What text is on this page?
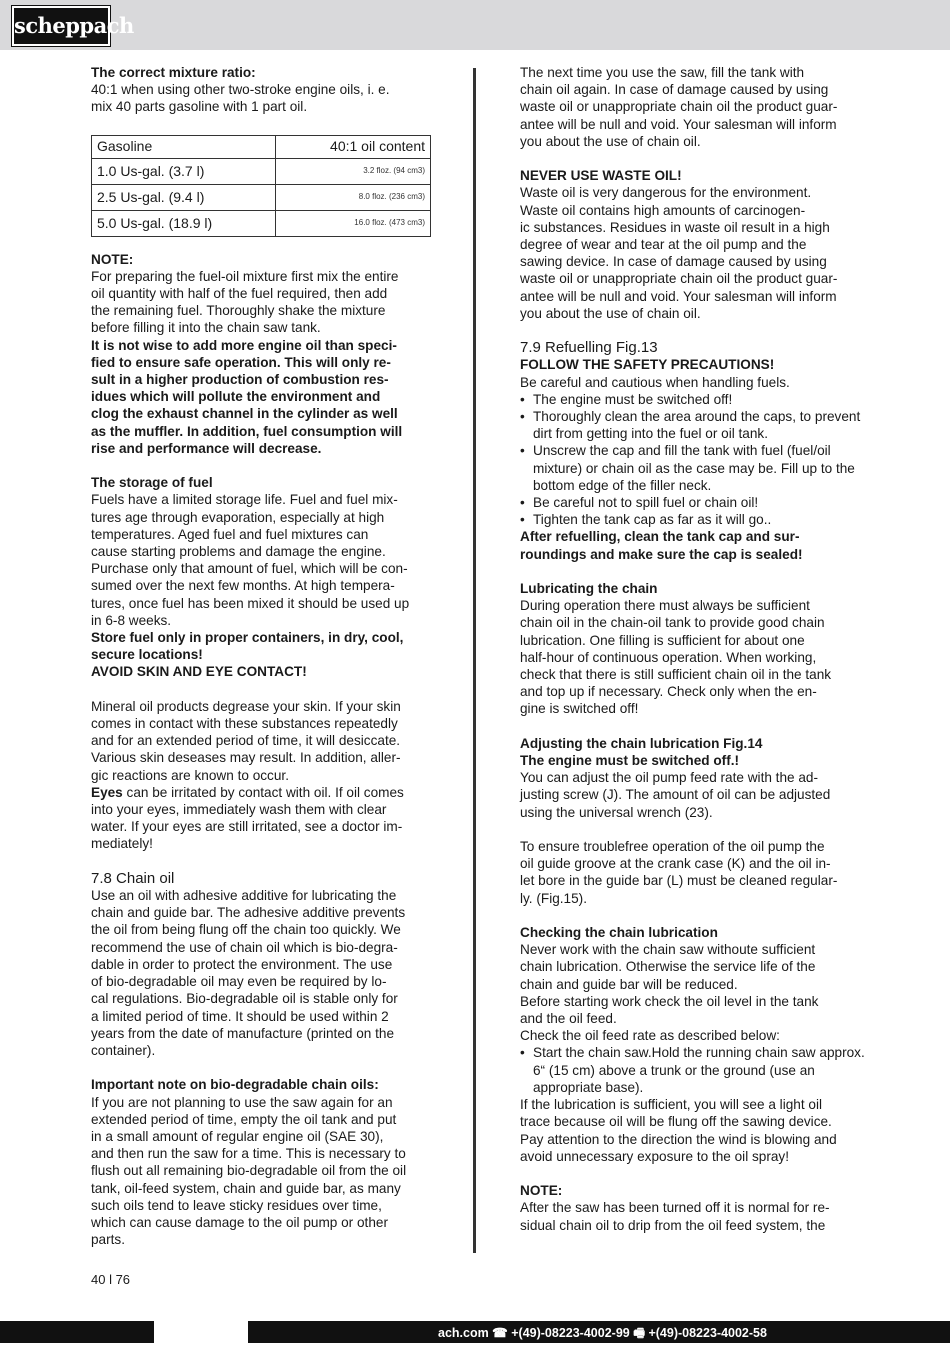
scheppach

The correct mixture ratio:

40:1 when using other two-stroke engine oils, i. e.

mix 40 parts gasoline with 1 part oil.

Gasoline	40:1 oil content
1.0 Us-gal. (3.7 l)	3.2 floz. (94 cm3)
2.5 Us-gal. (9.4 l)	8.0 floz. (236 cm3)
5.0 Us-gal. (18.9 l)	16.0 floz. (473 cm3)

NOTE:

For preparing the fuel-oil mixture first mix the entire

oil quantity with half of the fuel required, then add

the remaining fuel. Thoroughly shake the mixture

before filling it into the chain saw tank.

It is not wise to add more engine oil than speci-

fied to ensure safe operation. This will only re-

sult in a higher production of combustion res-

idues which will pollute the environment and

clog the exhaust channel in the cylinder as well

as the muffler. In addition, fuel consumption will

rise and performance will decrease.

The storage of fuel

Fuels have a limited storage life. Fuel and fuel mix-

tures age through evaporation, especially at high

temperatures. Aged fuel and fuel mixtures can

cause starting problems and damage the engine.

Purchase only that amount of fuel, which will be con-

sumed over the next few months. At high tempera-

tures, once fuel has been mixed it should be used up

in 6-8 weeks.

Store fuel only in proper containers, in dry, cool,

secure locations!

AVOID SKIN AND EYE CONTACT!

Mineral oil products degrease your skin. If your skin

comes in contact with these substances repeatedly

and for an extended period of time, it will desiccate.

Various skin deseases may result. In addition, aller-

gic reactions are known to occur.

Eyes can be irritated by contact with oil. If oil comes

into your eyes, immediately wash them with clear

water. If your eyes are still irritated, see a doctor im-

mediately!

7.8 Chain oil

Use an oil with adhesive additive for lubricating the

chain and guide bar. The adhesive additive prevents

the oil from being flung off the chain too quickly. We

recommend the use of chain oil which is bio-degra-

dable in order to protect the environment. The use

of bio-degradable oil may even be required by lo-

cal regulations. Bio-degradable oil is stable only for

a limited period of time. It should be used within 2

years from the date of manufacture (printed on the

container).

Important note on bio-degradable chain oils:

If you are not planning to use the saw again for an

extended period of time, empty the oil tank and put

in a small amount of regular engine oil (SAE 30),

and then run the saw for a time. This is necessary to

flush out all remaining bio-degradable oil from the oil

tank, oil-feed system, chain and guide bar, as many

such oils tend to leave sticky residues over time,

which can cause damage to the oil pump or other

parts.

The next time you use the saw, fill the tank with

chain oil again. In case of damage caused by using

waste oil or unappropriate chain oil the product guar-

antee will be null and void. Your salesman will inform

you about the use of chain oil.

NEVER USE WASTE OIL!

Waste oil is very dangerous for the environment.

Waste oil contains high amounts of carcinogen-

ic substances. Residues in waste oil result in a high

degree of wear and tear at the oil pump and the

sawing device. In case of damage caused by using

waste oil or unappropriate chain oil the product guar-

antee will be null and void. Your salesman will inform

you about the use of chain oil.

7.9 Refuelling Fig.13

FOLLOW THE SAFETY PRECAUTIONS!

Be careful and cautious when handling fuels.

• The engine must be switched off!
• Thoroughly clean the area around the caps, to prevent dirt from getting into the fuel or oil tank.
• Unscrew the cap and fill the tank with fuel (fuel/oil mixture) or chain oil as the case may be. Fill up to the bottom edge of the filler neck.
• Be careful not to spill fuel or chain oil!
• Tighten the tank cap as far as it will go..

After refuelling, clean the tank cap and sur-

roundings and make sure the cap is sealed!

Lubricating the chain

During operation there must always be sufficient

chain oil in the chain-oil tank to provide good chain

lubrication. One filling is sufficient for about one

half-hour of continuous operation. When working,

check that there is still sufficient chain oil in the tank

and top up if necessary. Check only when the en-

gine is switched off!

Adjusting the chain lubrication Fig.14

The engine must be switched off.!

You can adjust the oil pump feed rate with the ad-

justing screw (J). The amount of oil can be adjusted

using the universal wrench (23).

To ensure troublefree operation of the oil pump the

oil guide groove at the crank case (K) and the oil in-

let bore in the guide bar (L) must be cleaned regular-

ly. (Fig.15).

Checking the chain lubrication

Never work with the chain saw withoute sufficient

chain lubrication. Otherwise the service life of the

chain and guide bar will be reduced.

Before starting work check the oil level in the tank

and the oil feed.

Check the oil feed rate as described below:

• Start the chain saw.Hold the running chain saw approx. 6“ (15 cm) above a trunk or the ground (use an appropriate base).

If the lubrication is sufficient, you will see a light oil

trace because oil will be flung off the sawing device.

Pay attention to the direction the wind is blowing and

avoid unnecessary exposure to the oil spray!

NOTE:

After the saw has been turned off it is normal for re-

sidual chain oil to drip from the oil feed system, the

40 l 76
ach.com ☎ +(49)-08223-4002-99 🖷 +(49)-08223-4002-58
